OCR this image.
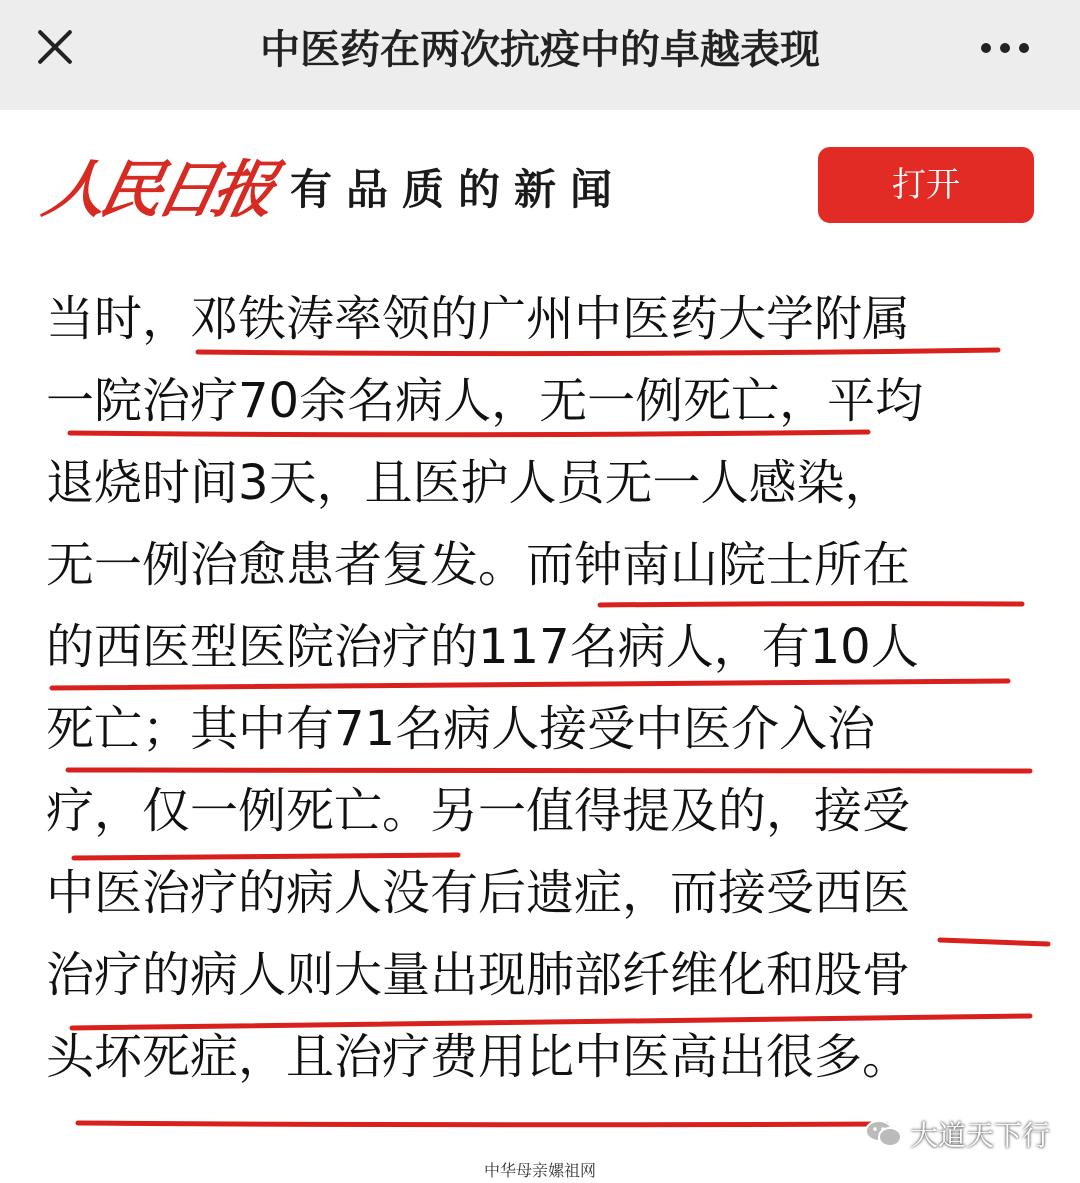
中医药在两次抗疫中的卓越表现
人民日报 有品质的新闻	打开
当时，邓铁涛率领的广州中医药大学附属
一院治疗70余名病人，无一例死亡，平均
退烧时间3天，且医护人员无一人感染，
无一例治愈患者复发。而钟南山院士所在
的西医型医院治疗的117名病人，有10人
死亡；其中有71名病人接受中医介入治
疗，仅一例死亡。另一值得提及的，接受
中医治疗的病人没有后遗症，而接受西医
治疗的病人则大量出现肺部纤维化和股骨
头坏死症，且治疗费用比中医高出很多。
大道天下行
中华母亲嫘祖网
